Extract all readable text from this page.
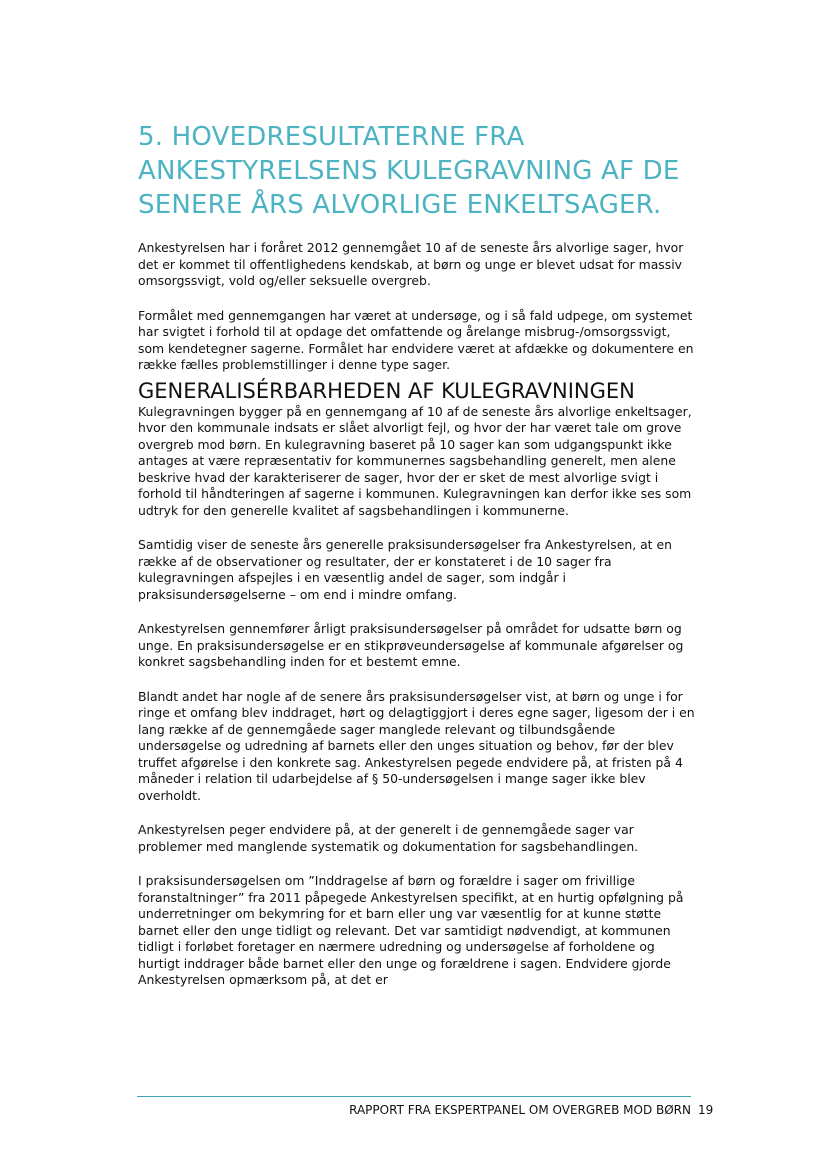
5. HOVEDRESULTATERNE FRA ANKESTYRELSENS KULEGRAVNING AF DE SENERE ÅRS ALVORLIGE ENKELTSAGER.

Ankestyrelsen har i foråret 2012 gennemgået 10 af de seneste års alvorlige sager, hvor det er kommet til offentlighedens kendskab, at børn og unge er blevet udsat for massiv omsorgssvigt, vold og/eller seksuelle overgreb.

Formålet med gennemgangen har været at undersøge, og i så fald udpege, om systemet har svigtet i forhold til at opdage det omfattende og årelange misbrug-/omsorgssvigt, som kendetegner sagerne. Formålet har endvidere været at afdække og dokumentere en række fælles problemstillinger i denne type sager.

GENERALISÉRBARHEDEN AF KULEGRAVNINGEN

Kulegravningen bygger på en gennemgang af 10 af de seneste års alvorlige enkeltsager, hvor den kommunale indsats er slået alvorligt fejl, og hvor der har været tale om grove overgreb mod børn. En kulegravning baseret på 10 sager kan som udgangspunkt ikke antages at være repræsentativ for kommunernes sagsbehandling generelt, men alene beskrive hvad der karakteriserer de sager, hvor der er sket de mest alvorlige svigt i forhold til håndteringen af sagerne i kommunen. Kulegravningen kan derfor ikke ses som udtryk for den generelle kvalitet af sagsbehandlingen i kommunerne.

Samtidig viser de seneste års generelle praksisundersøgelser fra Ankestyrelsen, at en række af de observationer og resultater, der er konstateret i de 10 sager fra kulegravningen afspejles i en væsentlig andel de sager, som indgår i praksisundersøgelserne – om end i mindre omfang.

Ankestyrelsen gennemfører årligt praksisundersøgelser på området for udsatte børn og unge. En praksisundersøgelse er en stikprøveundersøgelse af kommunale afgørelser og konkret sagsbehandling inden for et bestemt emne.

Blandt andet har nogle af de senere års praksisundersøgelser vist, at børn og unge i for ringe et omfang blev inddraget, hørt og delagtiggjort i deres egne sager, ligesom der i en lang række af de gennemgåede sager manglede relevant og tilbundsgående undersøgelse og udredning af barnets eller den unges situation og behov, før der blev truffet afgørelse i den konkrete sag. Ankestyrelsen pegede endvidere på, at fristen på 4 måneder i relation til udarbejdelse af § 50-undersøgelsen i mange sager ikke blev overholdt.

Ankestyrelsen peger endvidere på, at der generelt i de gennemgåede sager var problemer med manglende systematik og dokumentation for sagsbehandlingen.

I praksisundersøgelsen om ”Inddragelse af børn og forældre i sager om frivillige foranstaltninger” fra 2011 påpegede Ankestyrelsen specifikt, at en hurtig opfølgning på underretninger om bekymring for et barn eller ung var væsentlig for at kunne støtte barnet eller den unge tidligt og relevant. Det var samtidigt nødvendigt, at kommunen tidligt i forløbet foretager en nærmere udredning og undersøgelse af forholdene og hurtigt inddrager både barnet eller den unge og forældrene i sagen. Endvidere gjorde Ankestyrelsen opmærksom på, at det er

RAPPORT FRA EKSPERTPANEL OM OVERGREB MOD BØRN 19
